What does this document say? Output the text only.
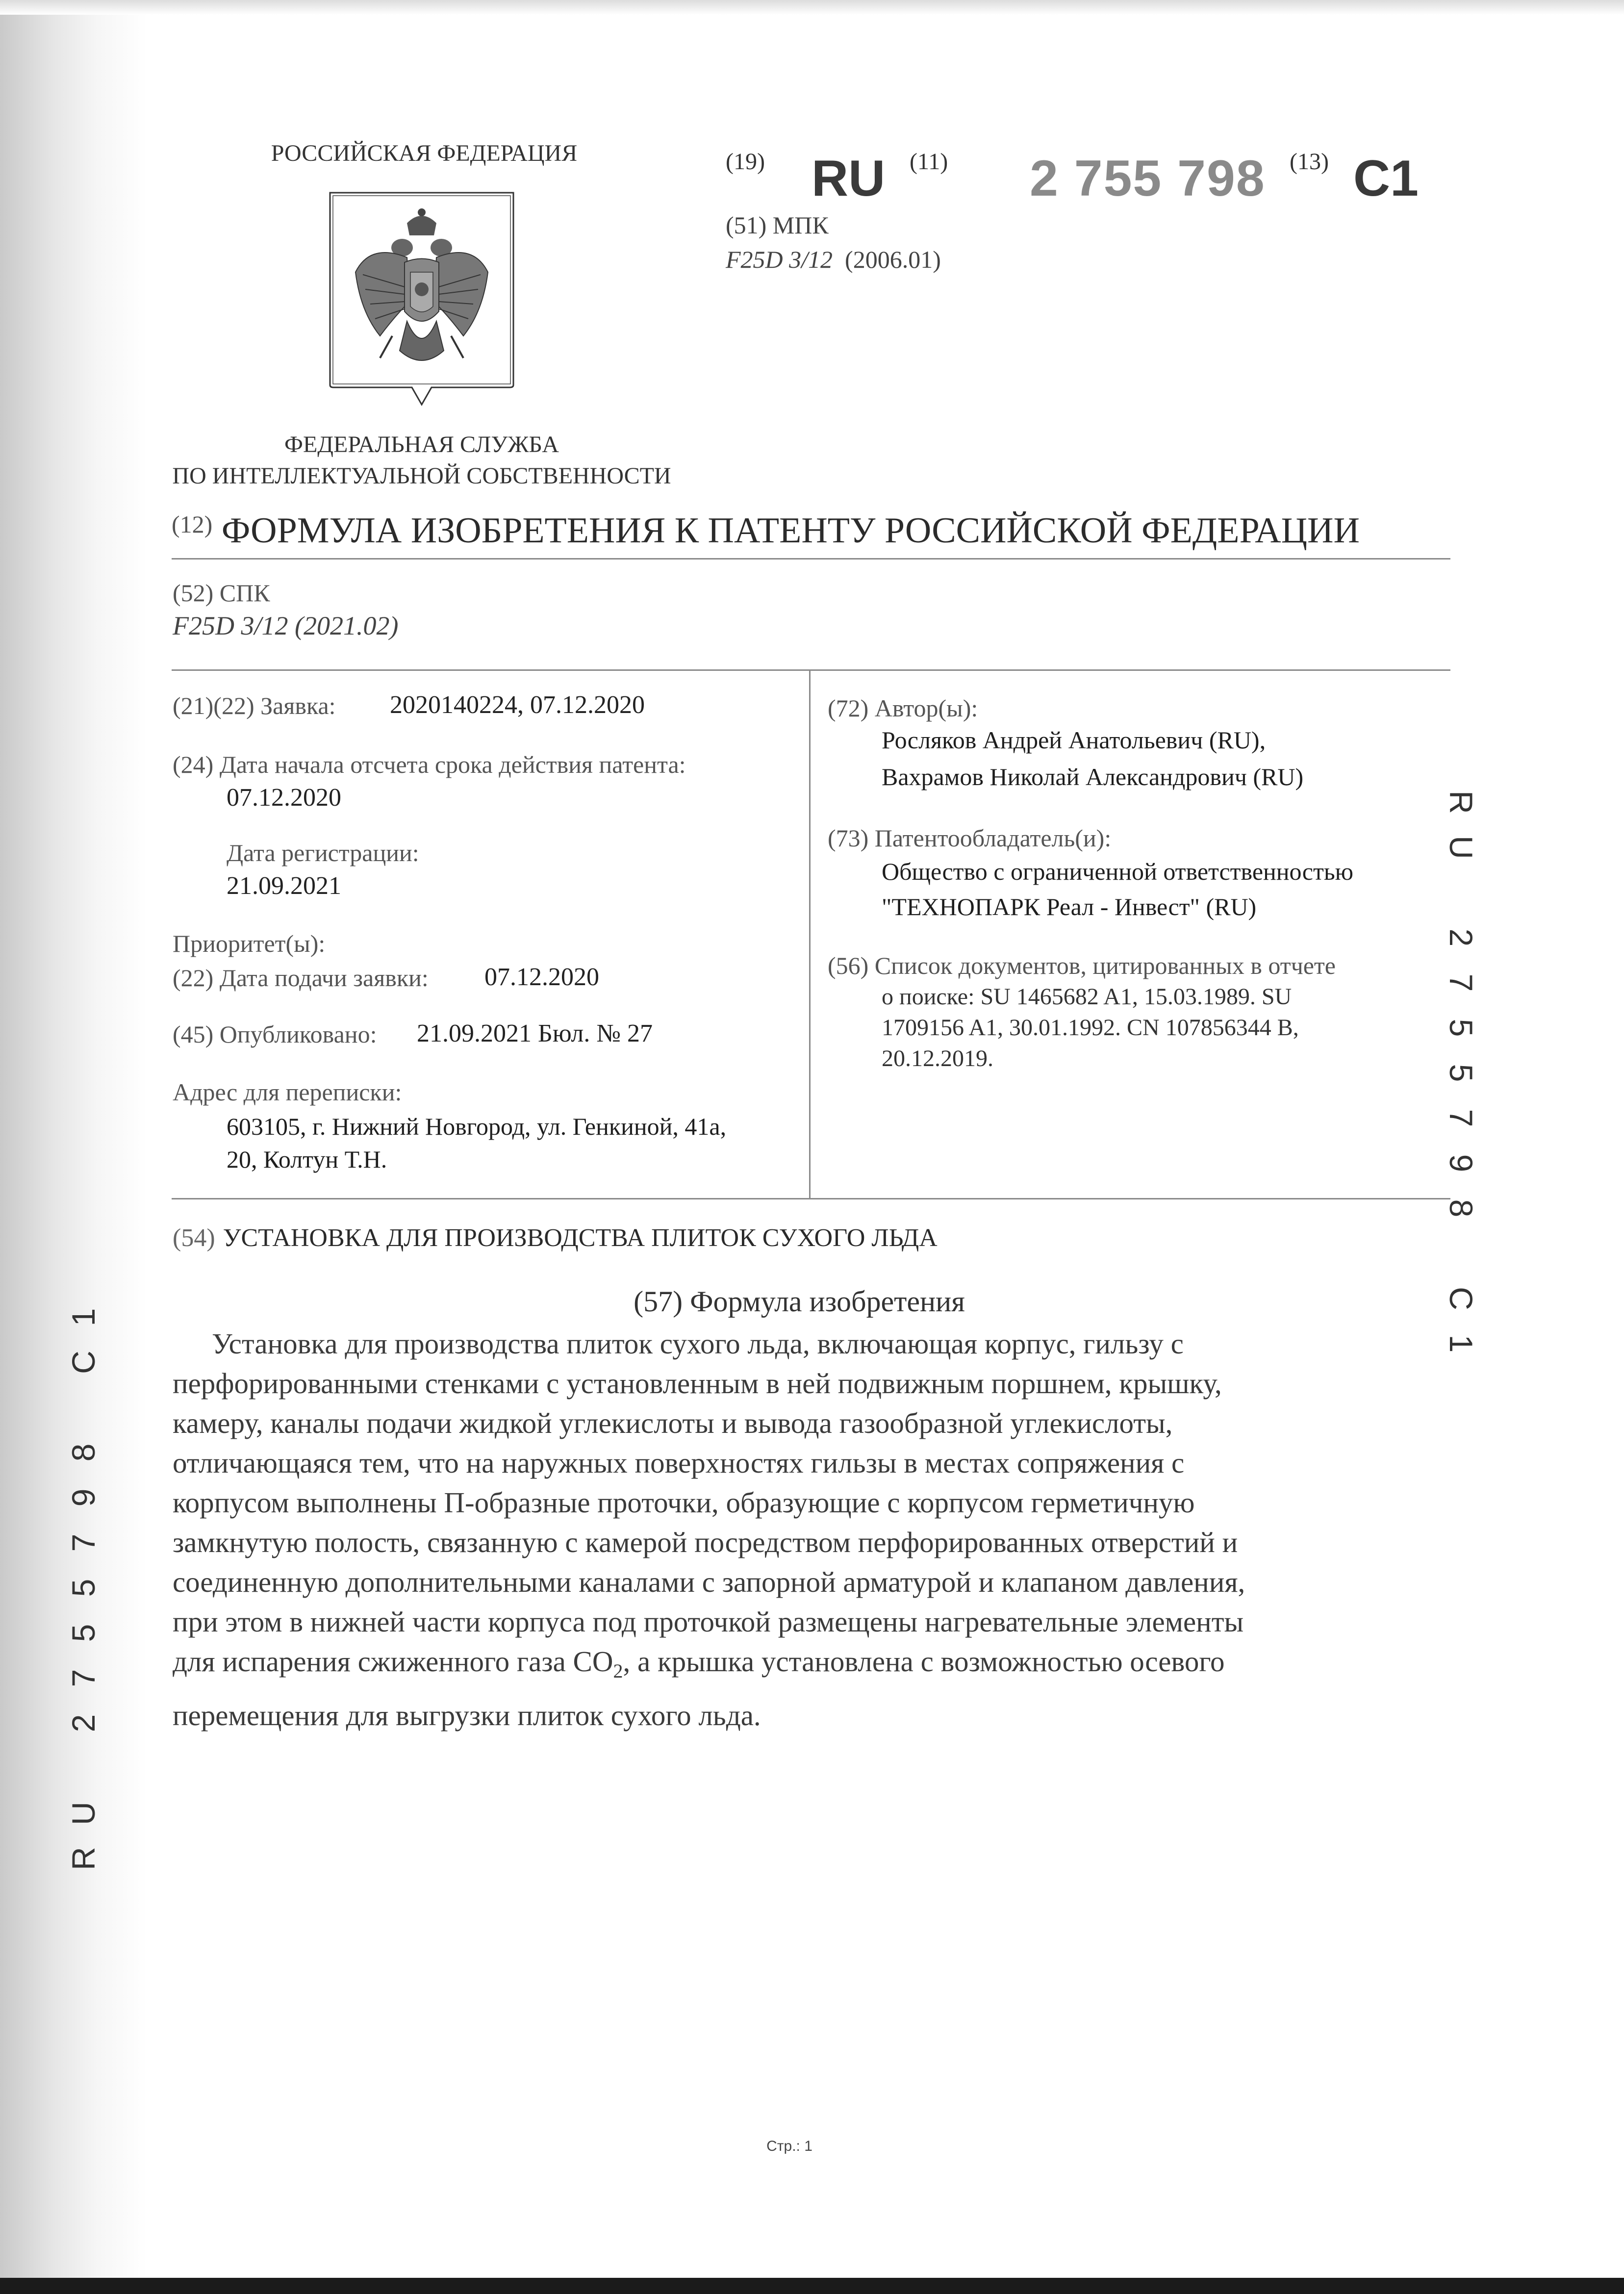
РОССИЙСКАЯ ФЕДЕРАЦИЯ
ФЕДЕРАЛЬНАЯ СЛУЖБА
ПО ИНТЕЛЛЕКТУАЛЬНОЙ СОБСТВЕННОСТИ
(19) RU (11) 2 755 798 (13) C1
(51) МПК
F25D 3/12 (2006.01)
$^{(12)}$ ФОРМУЛА ИЗОБРЕТЕНИЯ К ПАТЕНТУ РОССИЙСКОЙ ФЕДЕРАЦИИ
(52) СПК
F25D 3/12 (2021.02)
(21)(22) Заявка: 2020140224, 07.12.2020
(24) Дата начала отсчета срока действия патента:
07.12.2020
Дата регистрации:
21.09.2021
Приоритет(ы):
(22) Дата подачи заявки: 07.12.2020
(45) Опубликовано: 21.09.2021 Бюл. № 27
Адрес для переписки:
603105, г. Нижний Новгород, ул. Генкиной, 41а,
20, Колтун Т.Н.
(72) Автор(ы):
Росляков Андрей Анатольевич (RU),
Вахрамов Николай Александрович (RU)
(73) Патентообладатель(и):
Общество с ограниченной ответственностью
"ТЕХНОПАРК Реал - Инвест" (RU)
(56) Список документов, цитированных в отчете
о поиске: SU 1465682 A1, 15.03.1989. SU
1709156 A1, 30.01.1992. CN 107856344 B,
20.12.2019.
R
U
2
7
5
5
7
9
8
C
1
1
C
8
9
7
5
5
7
2
U
R
(54) УСТАНОВКА ДЛЯ ПРОИЗВОДСТВА ПЛИТОК СУХОГО ЛЬДА
(57) Формула изобретения
Установка для производства плиток сухого льда, включающая корпус, гильзу с
перфорированными стенками с установленным в ней подвижным поршнем, крышку,
камеру, каналы подачи жидкой углекислоты и вывода газообразной углекислоты,
отличающаяся тем, что на наружных поверхностях гильзы в местах сопряжения с
корпусом выполнены П-образные проточки, образующие с корпусом герметичную
замкнутую полость, связанную с камерой посредством перфорированных отверстий и
соединенную дополнительными каналами с запорной арматурой и клапаном давления,
при этом в нижней части корпуса под проточкой размещены нагревательные элементы
для испарения сжиженного газа $CO_2$, а крышка установлена с возможностью осевого
перемещения для выгрузки плиток сухого льда.
Стр.: 1
